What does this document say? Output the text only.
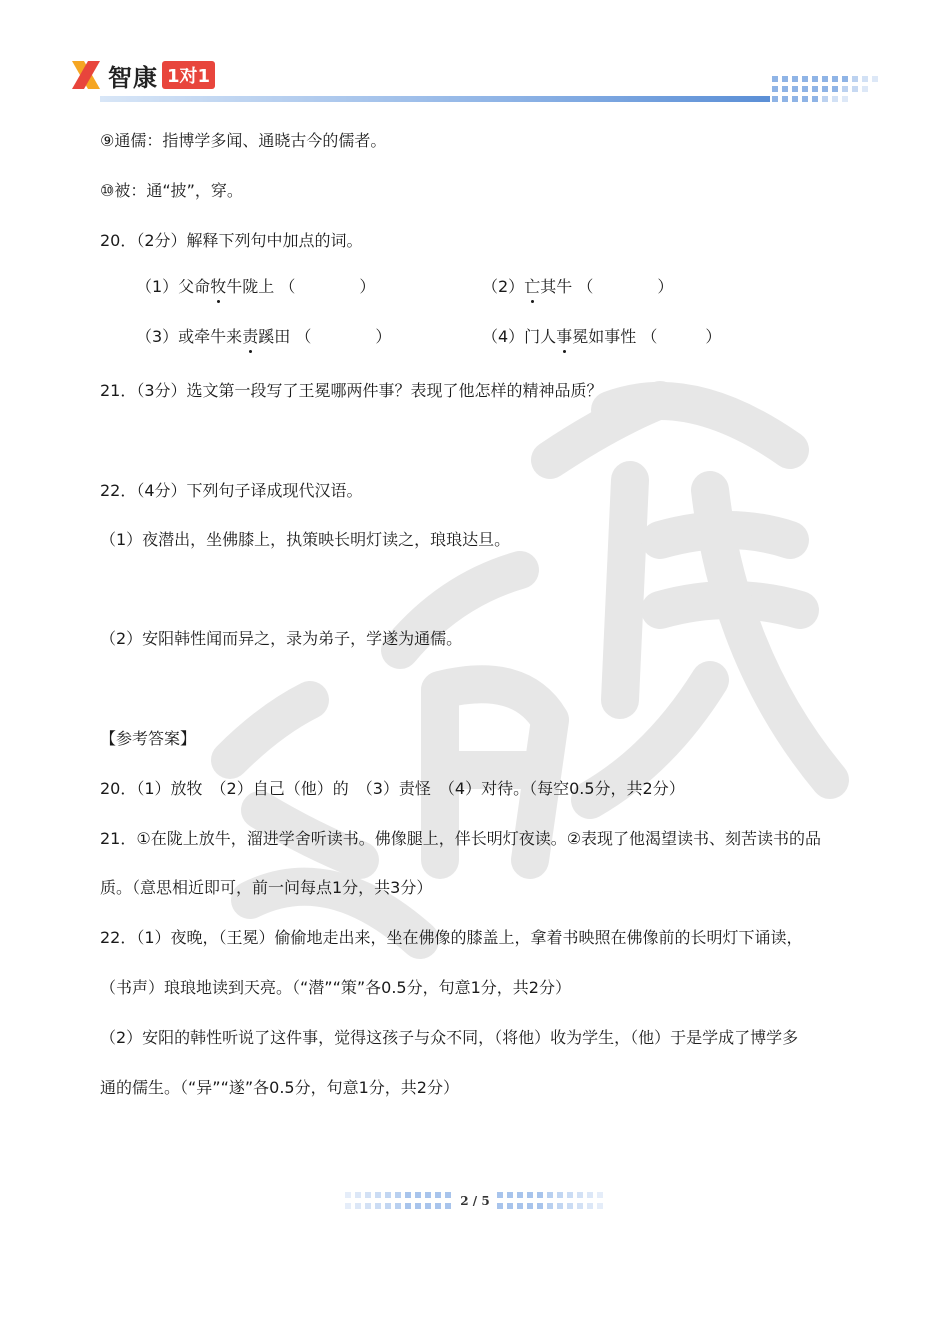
智康 1对1
⑨通儒：指博学多闻、通晓古今的儒者。
⑩被：通“披”，穿。
20．（2分）解释下列句中加点的词。
（1）父命牧牛陇上 （　　　　）	（2）亡其牛 （　　　　）
（3）或牵牛来责蹊田 （　　　　）	（4）门人事冕如事性 （　　　）
21．（3分）选文第一段写了王冕哪两件事？表现了他怎样的精神品质？
22．（4分）下列句子译成现代汉语。
（1）夜潜出，坐佛膝上，执策映长明灯读之，琅琅达旦。
（2）安阳韩性闻而异之，录为弟子，学遂为通儒。
【参考答案】
20．（1）放牧　（2）自己（他）的　（3）责怪　（4）对待。（每空0.5分，共2分）
21．①在陇上放牛，溜进学舍听读书。佛像腿上，伴长明灯夜读。②表现了他渴望读书、刻苦读书的品
质。（意思相近即可，前一问每点1分，共3分）
22．（1）夜晚，（王冕）偷偷地走出来，坐在佛像的膝盖上，拿着书映照在佛像前的长明灯下诵读，
（书声）琅琅地读到天亮。（“潜”“策”各0.5分，句意1分，共2分）
（2）安阳的韩性听说了这件事，觉得这孩子与众不同，（将他）收为学生，（他）于是学成了博学多
通的儒生。（“异”“遂”各0.5分，句意1分，共2分）
2 / 5
